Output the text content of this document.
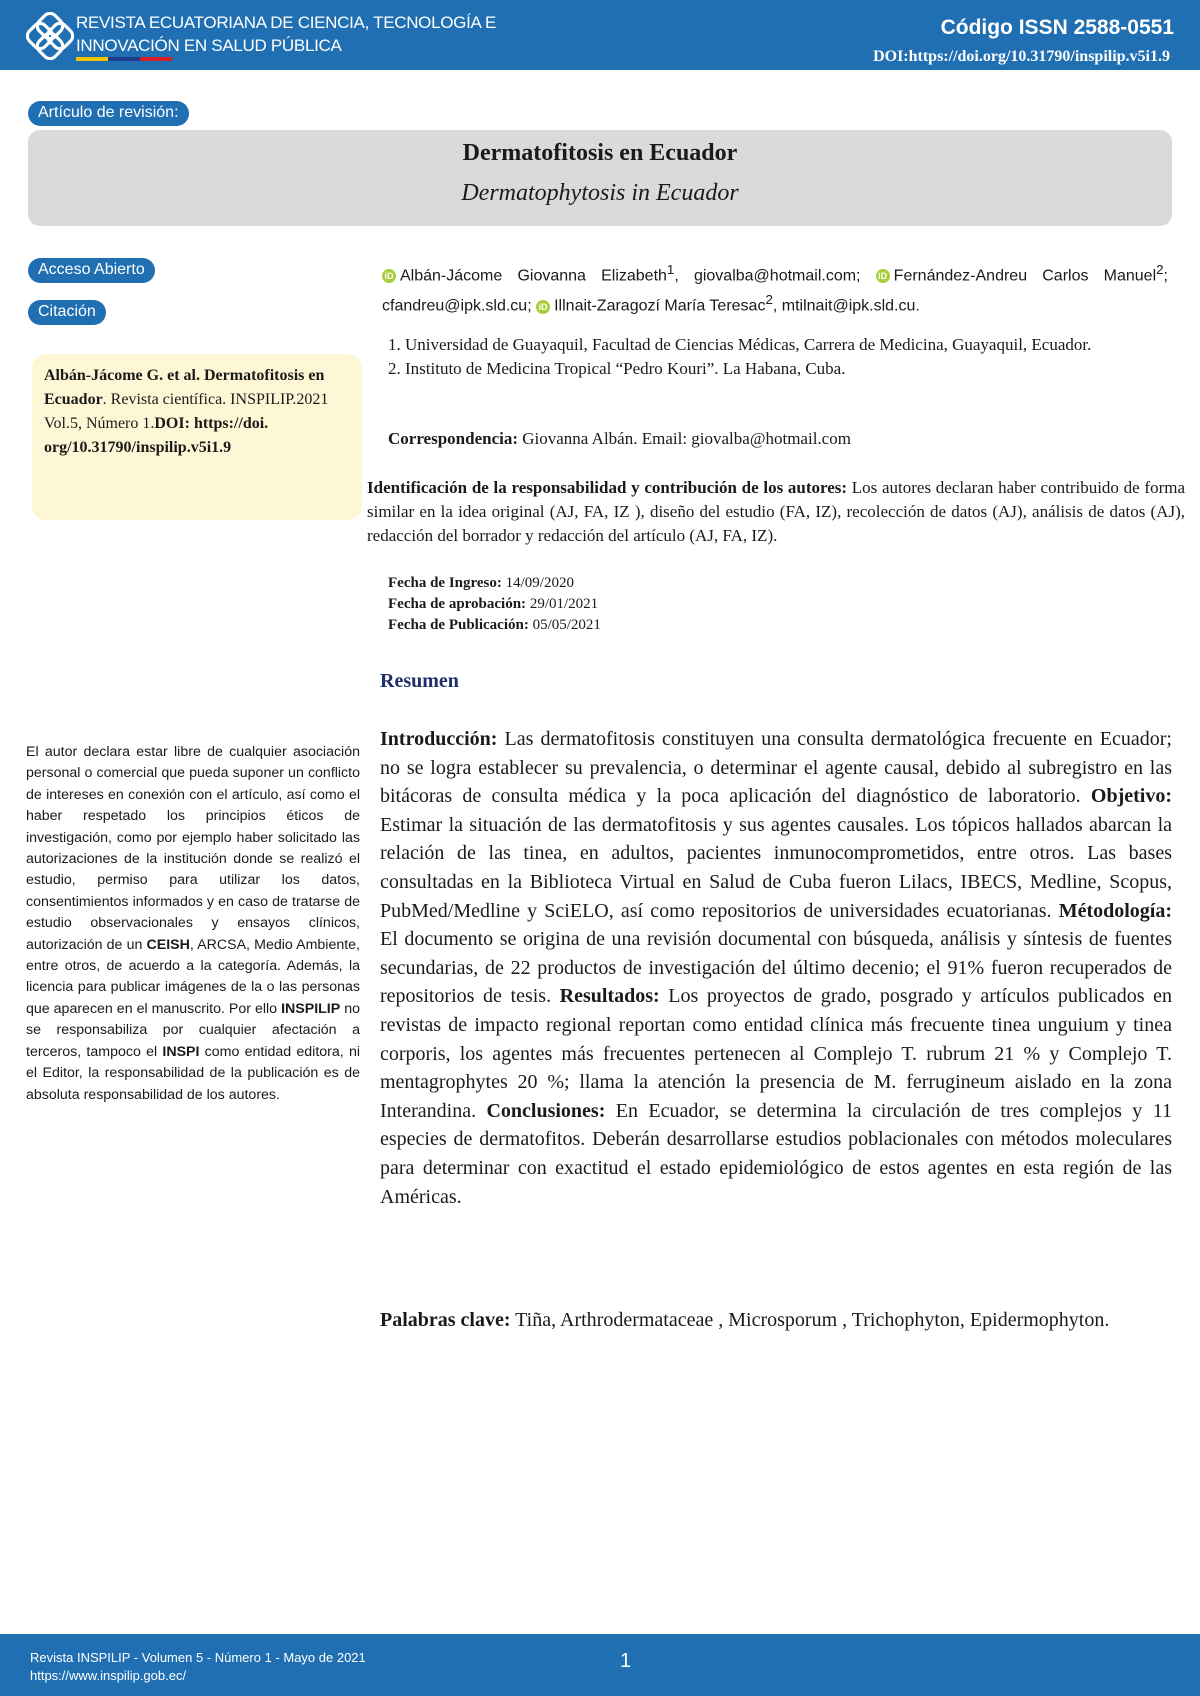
REVISTA ECUATORIANA DE CIENCIA, TECNOLOGÍA E
INNOVACIÓN EN SALUD PÚBLICA
Código ISSN 2588-0551
DOI:https://doi.org/10.31790/inspilip.v5i1.9
Artículo de revisión:
Dermatofitosis en Ecuador
Dermatophytosis in Ecuador
Acceso Abierto
Citación
Albán-Jácome G. et al. Dermatofitosis en Ecuador. Revista científica. INSPILIP.2021 Vol.5, Número 1.DOI: https://doi. org/10.31790/inspilip.v5i1.9
iD Albán-Jácome Giovanna Elizabeth$^1$, giovalba@hotmail.com; iD Fernández-Andreu Carlos Manuel$^2$; cfandreu@ipk.sld.cu; iD Illnait-Zaragozí María Teresac$^2$, mtilnait@ipk.sld.cu.
1. Universidad de Guayaquil, Facultad de Ciencias Médicas, Carrera de Medicina, Guayaquil, Ecuador.
2. Instituto de Medicina Tropical “Pedro Kouri”. La Habana, Cuba.
Correspondencia: Giovanna Albán. Email: giovalba@hotmail.com
Identificación de la responsabilidad y contribución de los autores: Los autores declaran haber contribuido de forma similar en la idea original (AJ, FA, IZ ), diseño del estudio (FA, IZ), recolección de datos (AJ), análisis de datos (AJ), redacción del borrador y redacción del artículo (AJ, FA, IZ).
Fecha de Ingreso: 14/09/2020
Fecha de aprobación: 29/01/2021
Fecha de Publicación: 05/05/2021
Resumen
Introducción: Las dermatofitosis constituyen una consulta dermatológica frecuente en Ecuador; no se logra establecer su prevalencia, o determinar el agente causal, debido al subregistro en las bitácoras de consulta médica y la poca aplicación del diagnóstico de laboratorio. Objetivo: Estimar la situación de las dermatofitosis y sus agentes causales. Los tópicos hallados abarcan la relación de las tinea, en adultos, pacientes inmunocomprometidos, entre otros. Las bases consultadas en la Biblioteca Virtual en Salud de Cuba fueron Lilacs, IBECS, Medline, Scopus, PubMed/Medline y SciELO, así como repositorios de universidades ecuatorianas. Métodología: El documento se origina de una revisión documental con búsqueda, análisis y síntesis de fuentes secundarias, de 22 productos de investigación del último decenio; el 91% fueron recuperados de repositorios de tesis. Resultados: Los proyectos de grado, posgrado y artículos publicados en revistas de impacto regional reportan como entidad clínica más frecuente tinea unguium y tinea corporis, los agentes más frecuentes pertenecen al Complejo T. rubrum 21 % y Complejo T. mentagrophytes 20 %; llama la atención la presencia de M. ferrugineum aislado en la zona Interandina. Conclusiones: En Ecuador, se determina la circulación de tres complejos y 11 especies de dermatofitos. Deberán desarrollarse estudios poblacionales con métodos moleculares para determinar con exactitud el estado epidemiológico de estos agentes en esta región de las Américas.
Palabras clave: Tiña, Arthrodermataceae , Microsporum , Trichophyton, Epidermophyton.
El autor declara estar libre de cualquier asociación personal o comercial que pueda suponer un conflicto de intereses en conexión con el artículo, así como el haber respetado los principios éticos de investigación, como por ejemplo haber solicitado las autorizaciones de la institución donde se realizó el estudio, permiso para utilizar los datos, consentimientos informados y en caso de tratarse de estudio observacionales y ensayos clínicos, autorización de un CEISH, ARCSA, Medio Ambiente, entre otros, de acuerdo a la categoría. Además, la licencia para publicar imágenes de la o las personas que aparecen en el manuscrito. Por ello INSPILIP no se responsabiliza por cualquier afectación a terceros, tampoco el INSPI como entidad editora, ni el Editor, la responsabilidad de la publicación es de absoluta responsabilidad de los autores.
Revista INSPILIP - Volumen 5 - Número 1 - Mayo de 2021
https://www.inspilip.gob.ec/
1
